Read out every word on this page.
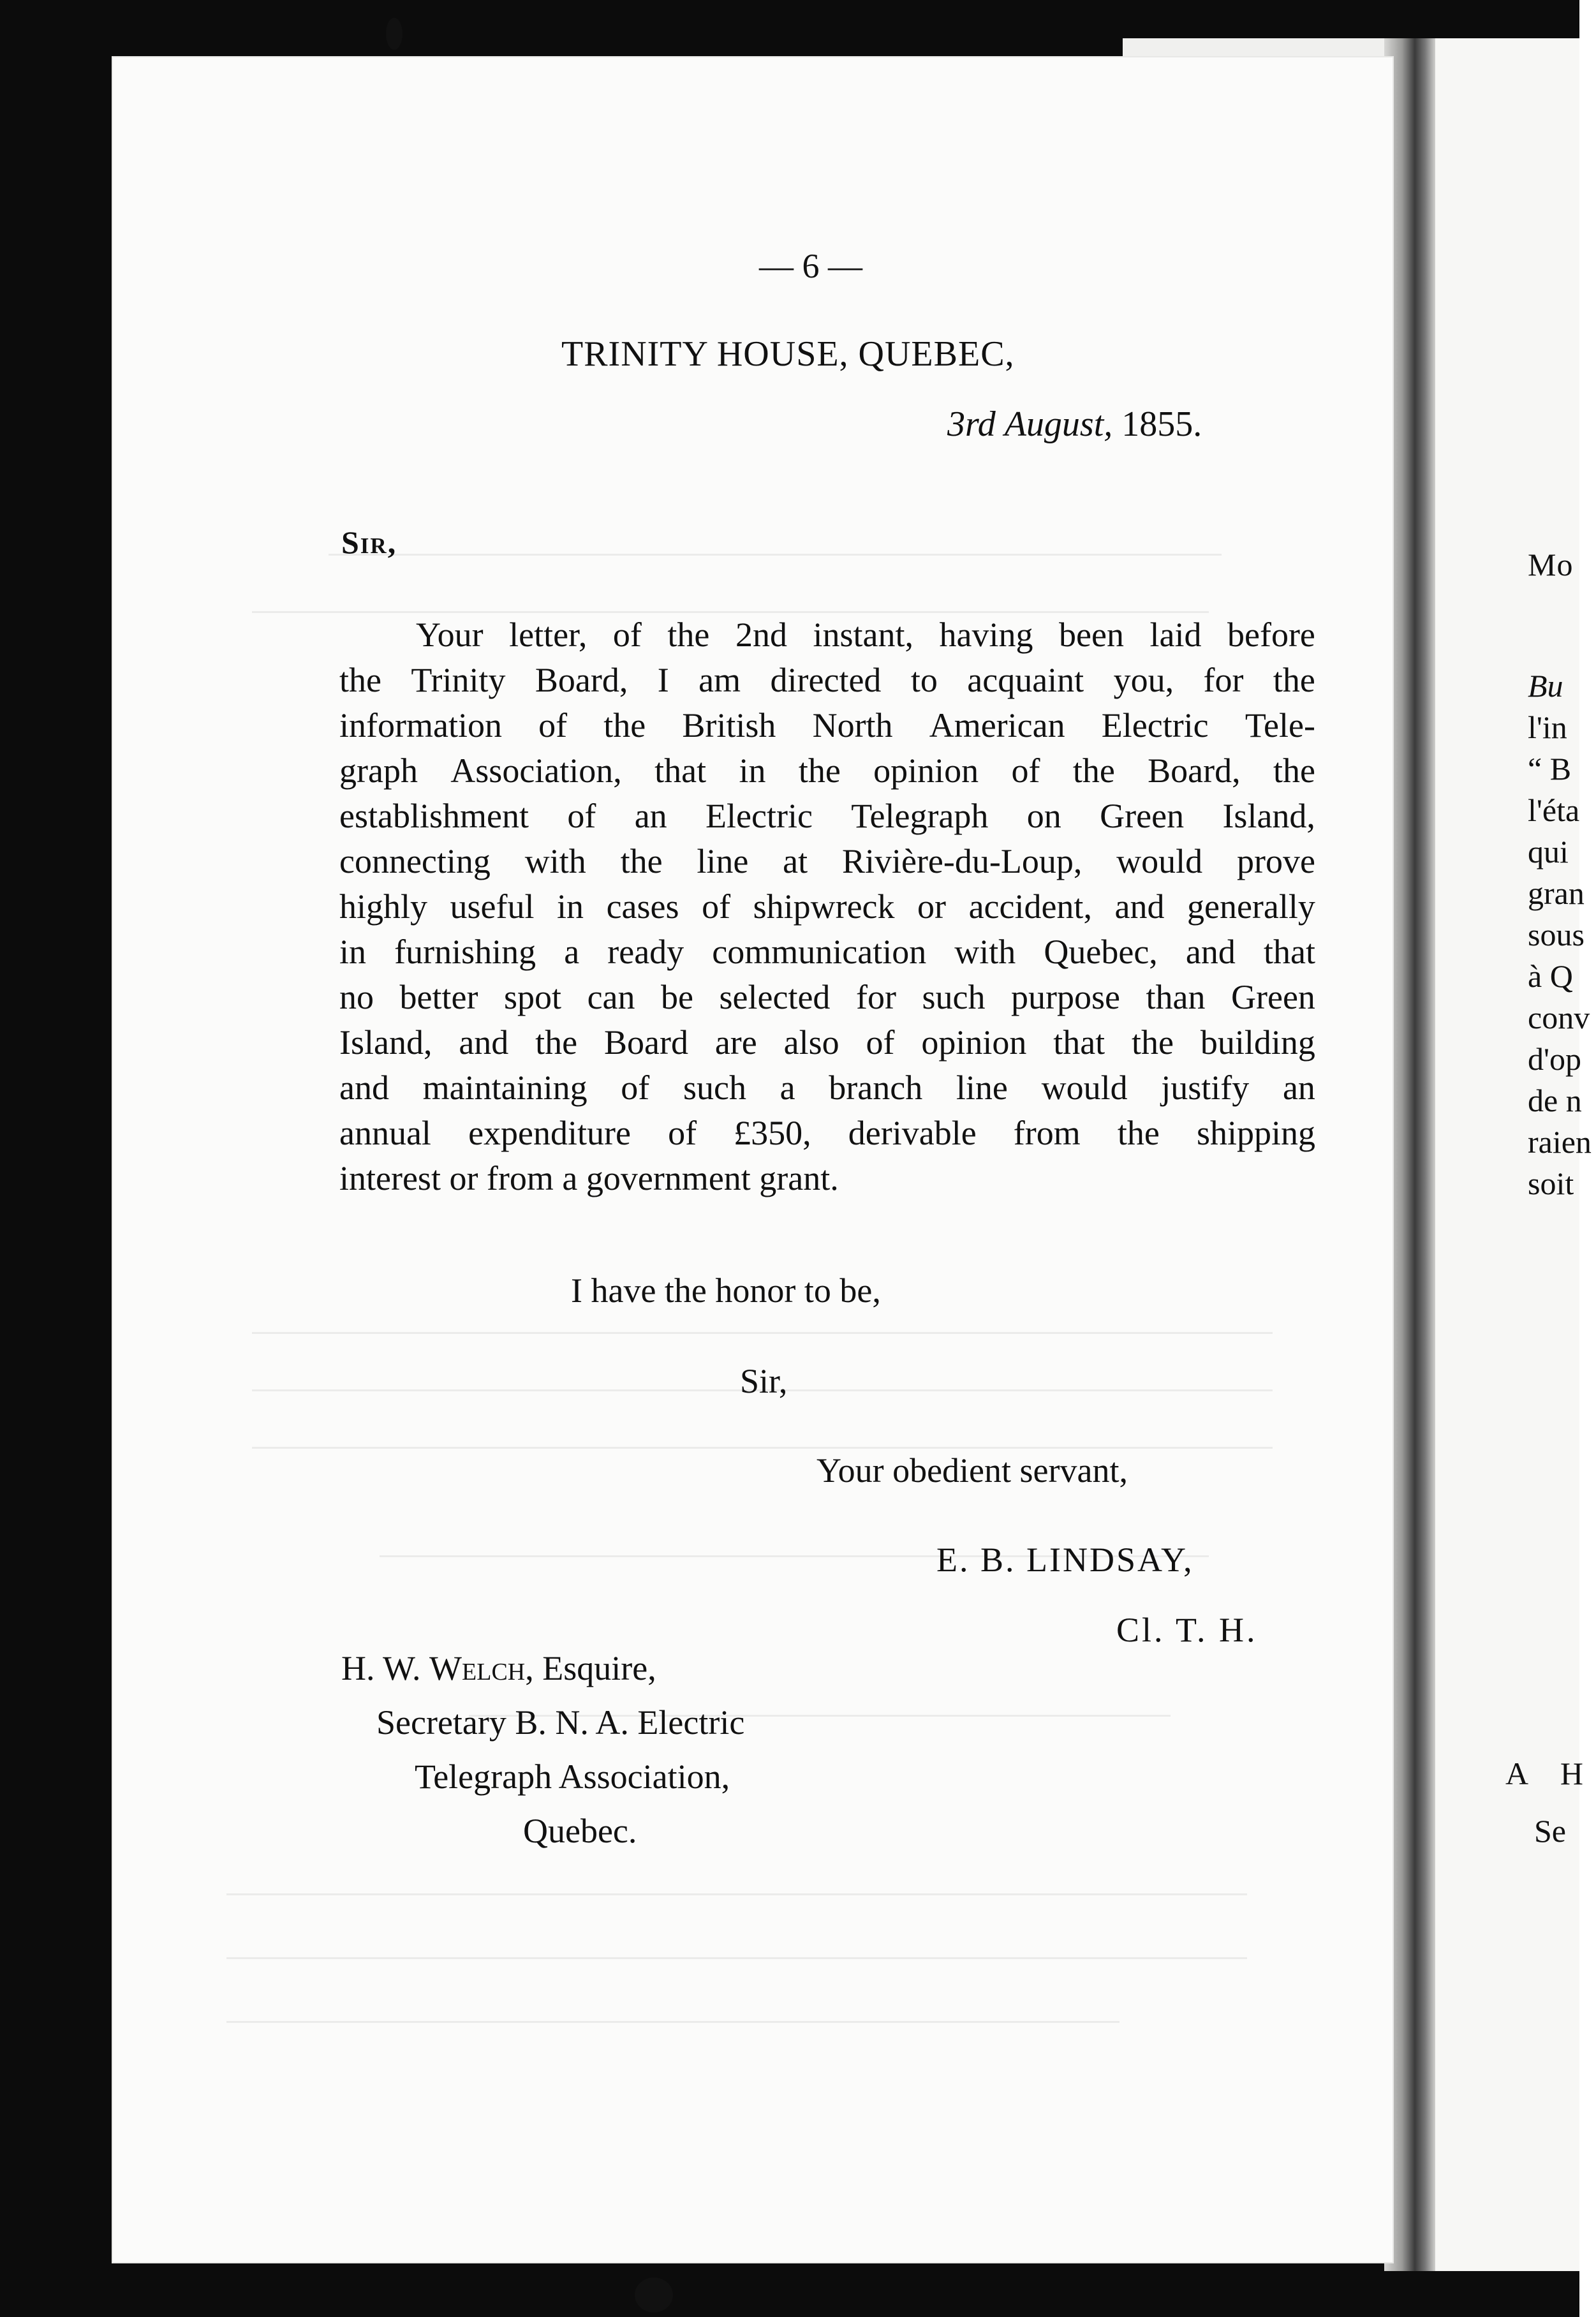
— 6 —
TRINITY HOUSE, QUEBEC,
3rd August, 1855.
Sir,
Your letter, of the 2nd instant, having been laid before
the Trinity Board, I am directed to acquaint you, for the
information of the British North American Electric Tele-
graph Association, that in the opinion of the Board, the
establishment of an Electric Telegraph on Green Island,
connecting with the line at Rivière-du-Loup, would prove
highly useful in cases of shipwreck or accident, and generally
in furnishing a ready communication with Quebec, and that
no better spot can be selected for such purpose than Green
Island, and the Board are also of opinion that the building
and maintaining of such a branch line would justify an
annual expenditure of £350, derivable from the shipping
interest or from a government grant.
I have the honor to be,
Sir,
Your obedient servant,
E. B. LINDSAY,
Cl. T. H.
H. W. Welch, Esquire,
Secretary B. N. A. Electric
Telegraph Association,
Quebec.
Mo
Bu
l'in
“ B
l'éta
qui
gran
sous
à Q
conv
d'op
de n
raien
soit
A H
Se
